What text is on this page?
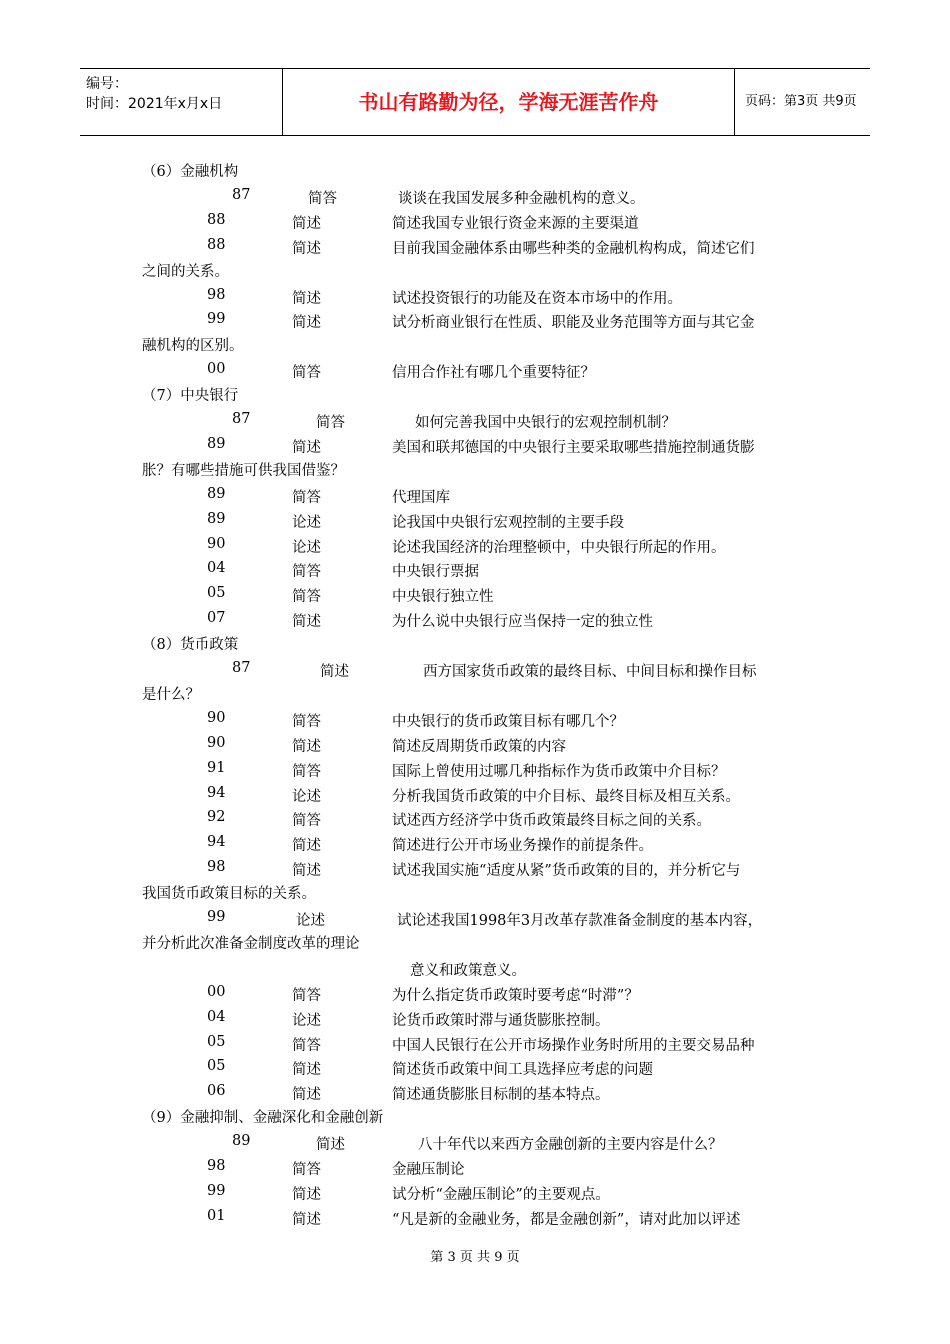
编号：
时间：2021年x月x日	书山有路勤为径，学海无涯苦作舟	页码：第3页 共9页
（6）金融机构
87	简答	谈谈在我国发展多种金融机构的意义。
88	简述	简述我国专业银行资金来源的主要渠道
88	简述	目前我国金融体系由哪些种类的金融机构构成，简述它们
之间的关系。
98	简述	试述投资银行的功能及在资本市场中的作用。
99	简述	试分析商业银行在性质、职能及业务范围等方面与其它金
融机构的区别。
00	简答	信用合作社有哪几个重要特征？
（7）中央银行
87	简答	如何完善我国中央银行的宏观控制机制？
89	简述	美国和联邦德国的中央银行主要采取哪些措施控制通货膨
胀？有哪些措施可供我国借鉴？
89	简答	代理国库
89	论述	论我国中央银行宏观控制的主要手段
90	论述	论述我国经济的治理整顿中，中央银行所起的作用。
04	简答	中央银行票据
05	简答	中央银行独立性
07	简述	为什么说中央银行应当保持一定的独立性
（8）货币政策
87	简述	西方国家货币政策的最终目标、中间目标和操作目标
是什么？
90	简答	中央银行的货币政策目标有哪几个？
90	简述	简述反周期货币政策的内容
91	简答	国际上曾使用过哪几种指标作为货币政策中介目标？
94	论述	分析我国货币政策的中介目标、最终目标及相互关系。
92	简答	试述西方经济学中货币政策最终目标之间的关系。
94	简述	简述进行公开市场业务操作的前提条件。
98	简述	试述我国实施“适度从紧”货币政策的目的，并分析它与
我国货币政策目标的关系。
99	论述	试论述我国1998年3月改革存款准备金制度的基本内容，
并分析此次准备金制度改革的理论
意义和政策意义。
00	简答	为什么指定货币政策时要考虑“时滞”？
04	论述	论货币政策时滞与通货膨胀控制。
05	简答	中国人民银行在公开市场操作业务时所用的主要交易品种
05	简述	简述货币政策中间工具选择应考虑的问题
06	简述	简述通货膨胀目标制的基本特点。
（9）金融抑制、金融深化和金融创新
89	简述	八十年代以来西方金融创新的主要内容是什么？
98	简答	金融压制论
99	简述	试分析“金融压制论”的主要观点。
01	简述	“凡是新的金融业务，都是金融创新”，请对此加以评述
第 3 页 共 9 页
